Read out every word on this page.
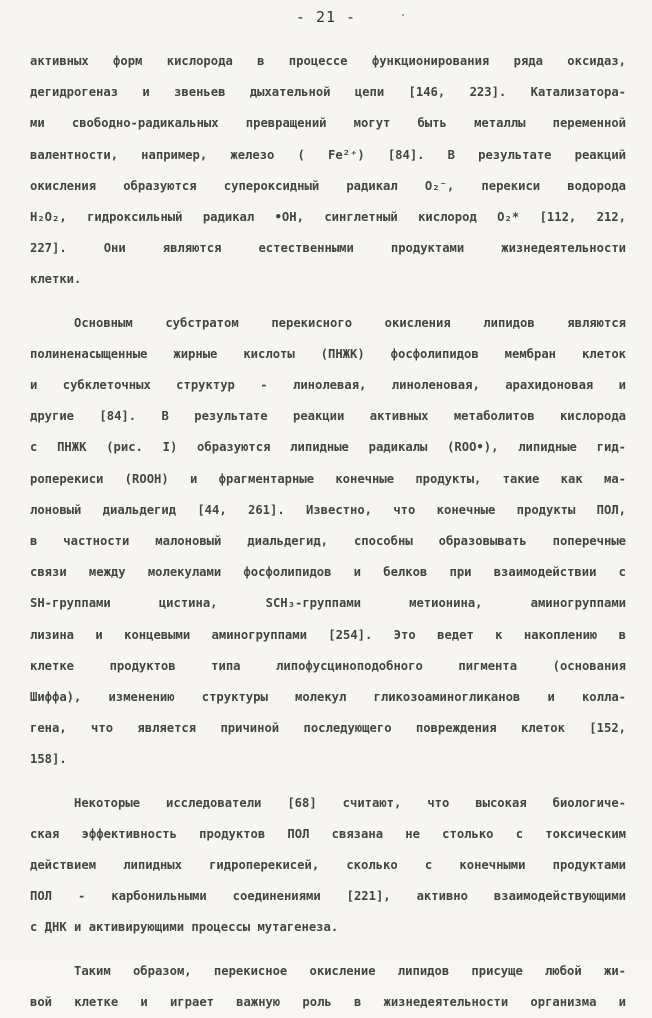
- 21 -
активных форм кислорода в процессе функционирования ряда оксидаз,
дегидрогеназ и звеньев дыхательной цепи [146, 223]. Катализатора-
ми свободно-радикальных превращений могут быть металлы переменной
валентности, например, железо ( Fe²⁺) [84]. В результате реакций
окисления образуются супероксидный радикал O₂⁻, перекиси водорода
H₂O₂, гидроксильный радикал •OH, синглетный кислород O₂* [112, 212,
227]. Они являются естественными продуктами жизнедеятельности
клетки.
Основным субстратом перекисного окисления липидов являются
полиненасыщенные жирные кислоты (ПНЖК) фосфолипидов мембран клеток
и субклеточных структур - линолевая, линоленовая, арахидоновая и
другие [84]. В результате реакции активных метаболитов кислорода
с ПНЖК (рис. I) образуются липидные радикалы (ROO•), липидные гид-
роперекиси (ROOH) и фрагментарные конечные продукты, такие как ма-
лоновый диальдегид [44, 261]. Известно, что конечные продукты ПОЛ,
в частности малоновый диальдегид, способны образовывать поперечные
связи между молекулами фосфолипидов и белков при взаимодействии с
SH-группами цистина, SCH₃-группами метионина, аминогруппами
лизина и концевыми аминогруппами [254]. Это ведет к накоплению в
клетке продуктов типа липофусциноподобного пигмента (основания
Шиффа), изменению структуры молекул гликозоаминогликанов и колла-
гена, что является причиной последующего повреждения клеток [152,
158].
Некоторые исследователи [68] считают, что высокая биологиче-
ская эффективность продуктов ПОЛ связана не столько с токсическим
действием липидных гидроперекисей, сколько с конечными продуктами
ПОЛ - карбонильными соединениями [221], активно взаимодействующими
с ДНК и активирующими процессы мутагенеза.
Таким образом, перекисное окисление липидов присуще любой жи-
вой клетке и играет важную роль в жизнедеятельности организма и
